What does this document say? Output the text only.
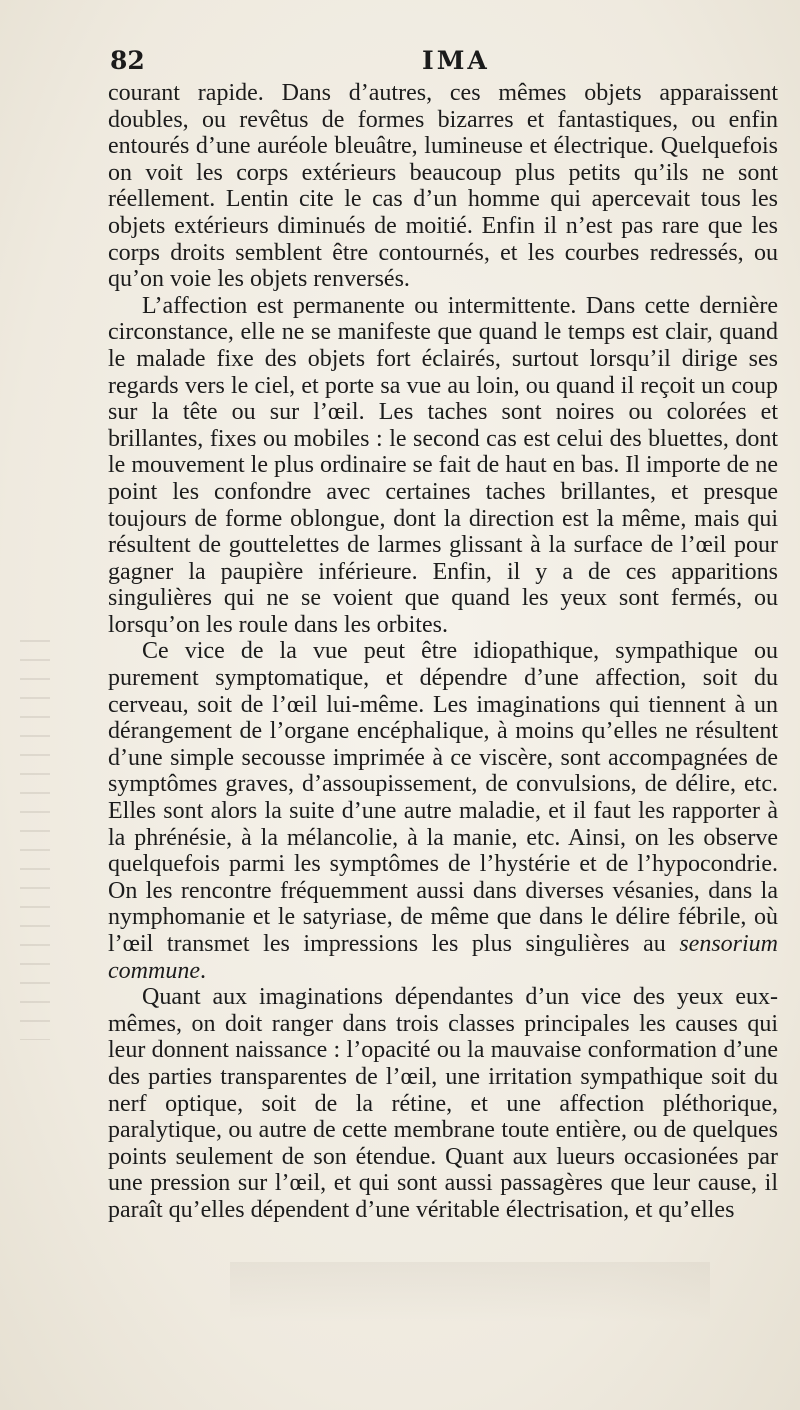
82	IMA

courant rapide. Dans d’autres, ces mêmes objets apparaissent doubles, ou revêtus de formes bizarres et fantastiques, ou enfin entourés d’une auréole bleuâtre, lumineuse et électrique. Quelquefois on voit les corps extérieurs beaucoup plus petits qu’ils ne sont réellement. Lentin cite le cas d’un homme qui apercevait tous les objets extérieurs diminués de moitié. Enfin il n’est pas rare que les corps droits semblent être contournés, et les courbes redressés, ou qu’on voie les objets renversés.

L’affection est permanente ou intermittente. Dans cette dernière circonstance, elle ne se manifeste que quand le temps est clair, quand le malade fixe des objets fort éclairés, surtout lorsqu’il dirige ses regards vers le ciel, et porte sa vue au loin, ou quand il reçoit un coup sur la tête ou sur l’œil. Les taches sont noires ou colorées et brillantes, fixes ou mobiles : le second cas est celui des bluettes, dont le mouvement le plus ordinaire se fait de haut en bas. Il importe de ne point les confondre avec certaines taches brillantes, et presque toujours de forme oblongue, dont la direction est la même, mais qui résultent de gouttelettes de larmes glissant à la surface de l’œil pour gagner la paupière inférieure. Enfin, il y a de ces apparitions singulières qui ne se voient que quand les yeux sont fermés, ou lorsqu’on les roule dans les orbites.

Ce vice de la vue peut être idiopathique, sympathique ou purement symptomatique, et dépendre d’une affection, soit du cerveau, soit de l’œil lui-même. Les imaginations qui tiennent à un dérangement de l’organe encéphalique, à moins qu’elles ne résultent d’une simple secousse imprimée à ce viscère, sont accompagnées de symptômes graves, d’assoupissement, de convulsions, de délire, etc. Elles sont alors la suite d’une autre maladie, et il faut les rapporter à la phrénésie, à la mélancolie, à la manie, etc. Ainsi, on les observe quelquefois parmi les symptômes de l’hystérie et de l’hypocondrie. On les rencontre fréquemment aussi dans diverses vésanies, dans la nymphomanie et le satyriase, de même que dans le délire fébrile, où l’œil transmet les impressions les plus singulières au sensorium commune.

Quant aux imaginations dépendantes d’un vice des yeux eux-mêmes, on doit ranger dans trois classes principales les causes qui leur donnent naissance : l’opacité ou la mauvaise conformation d’une des parties transparentes de l’œil, une irritation sympathique soit du nerf optique, soit de la rétine, et une affection pléthorique, paralytique, ou autre de cette membrane toute entière, ou de quelques points seulement de son étendue. Quant aux lueurs occasionées par une pression sur l’œil, et qui sont aussi passagères que leur cause, il paraît qu’elles dépendent d’une véritable électrisation, et qu’elles
